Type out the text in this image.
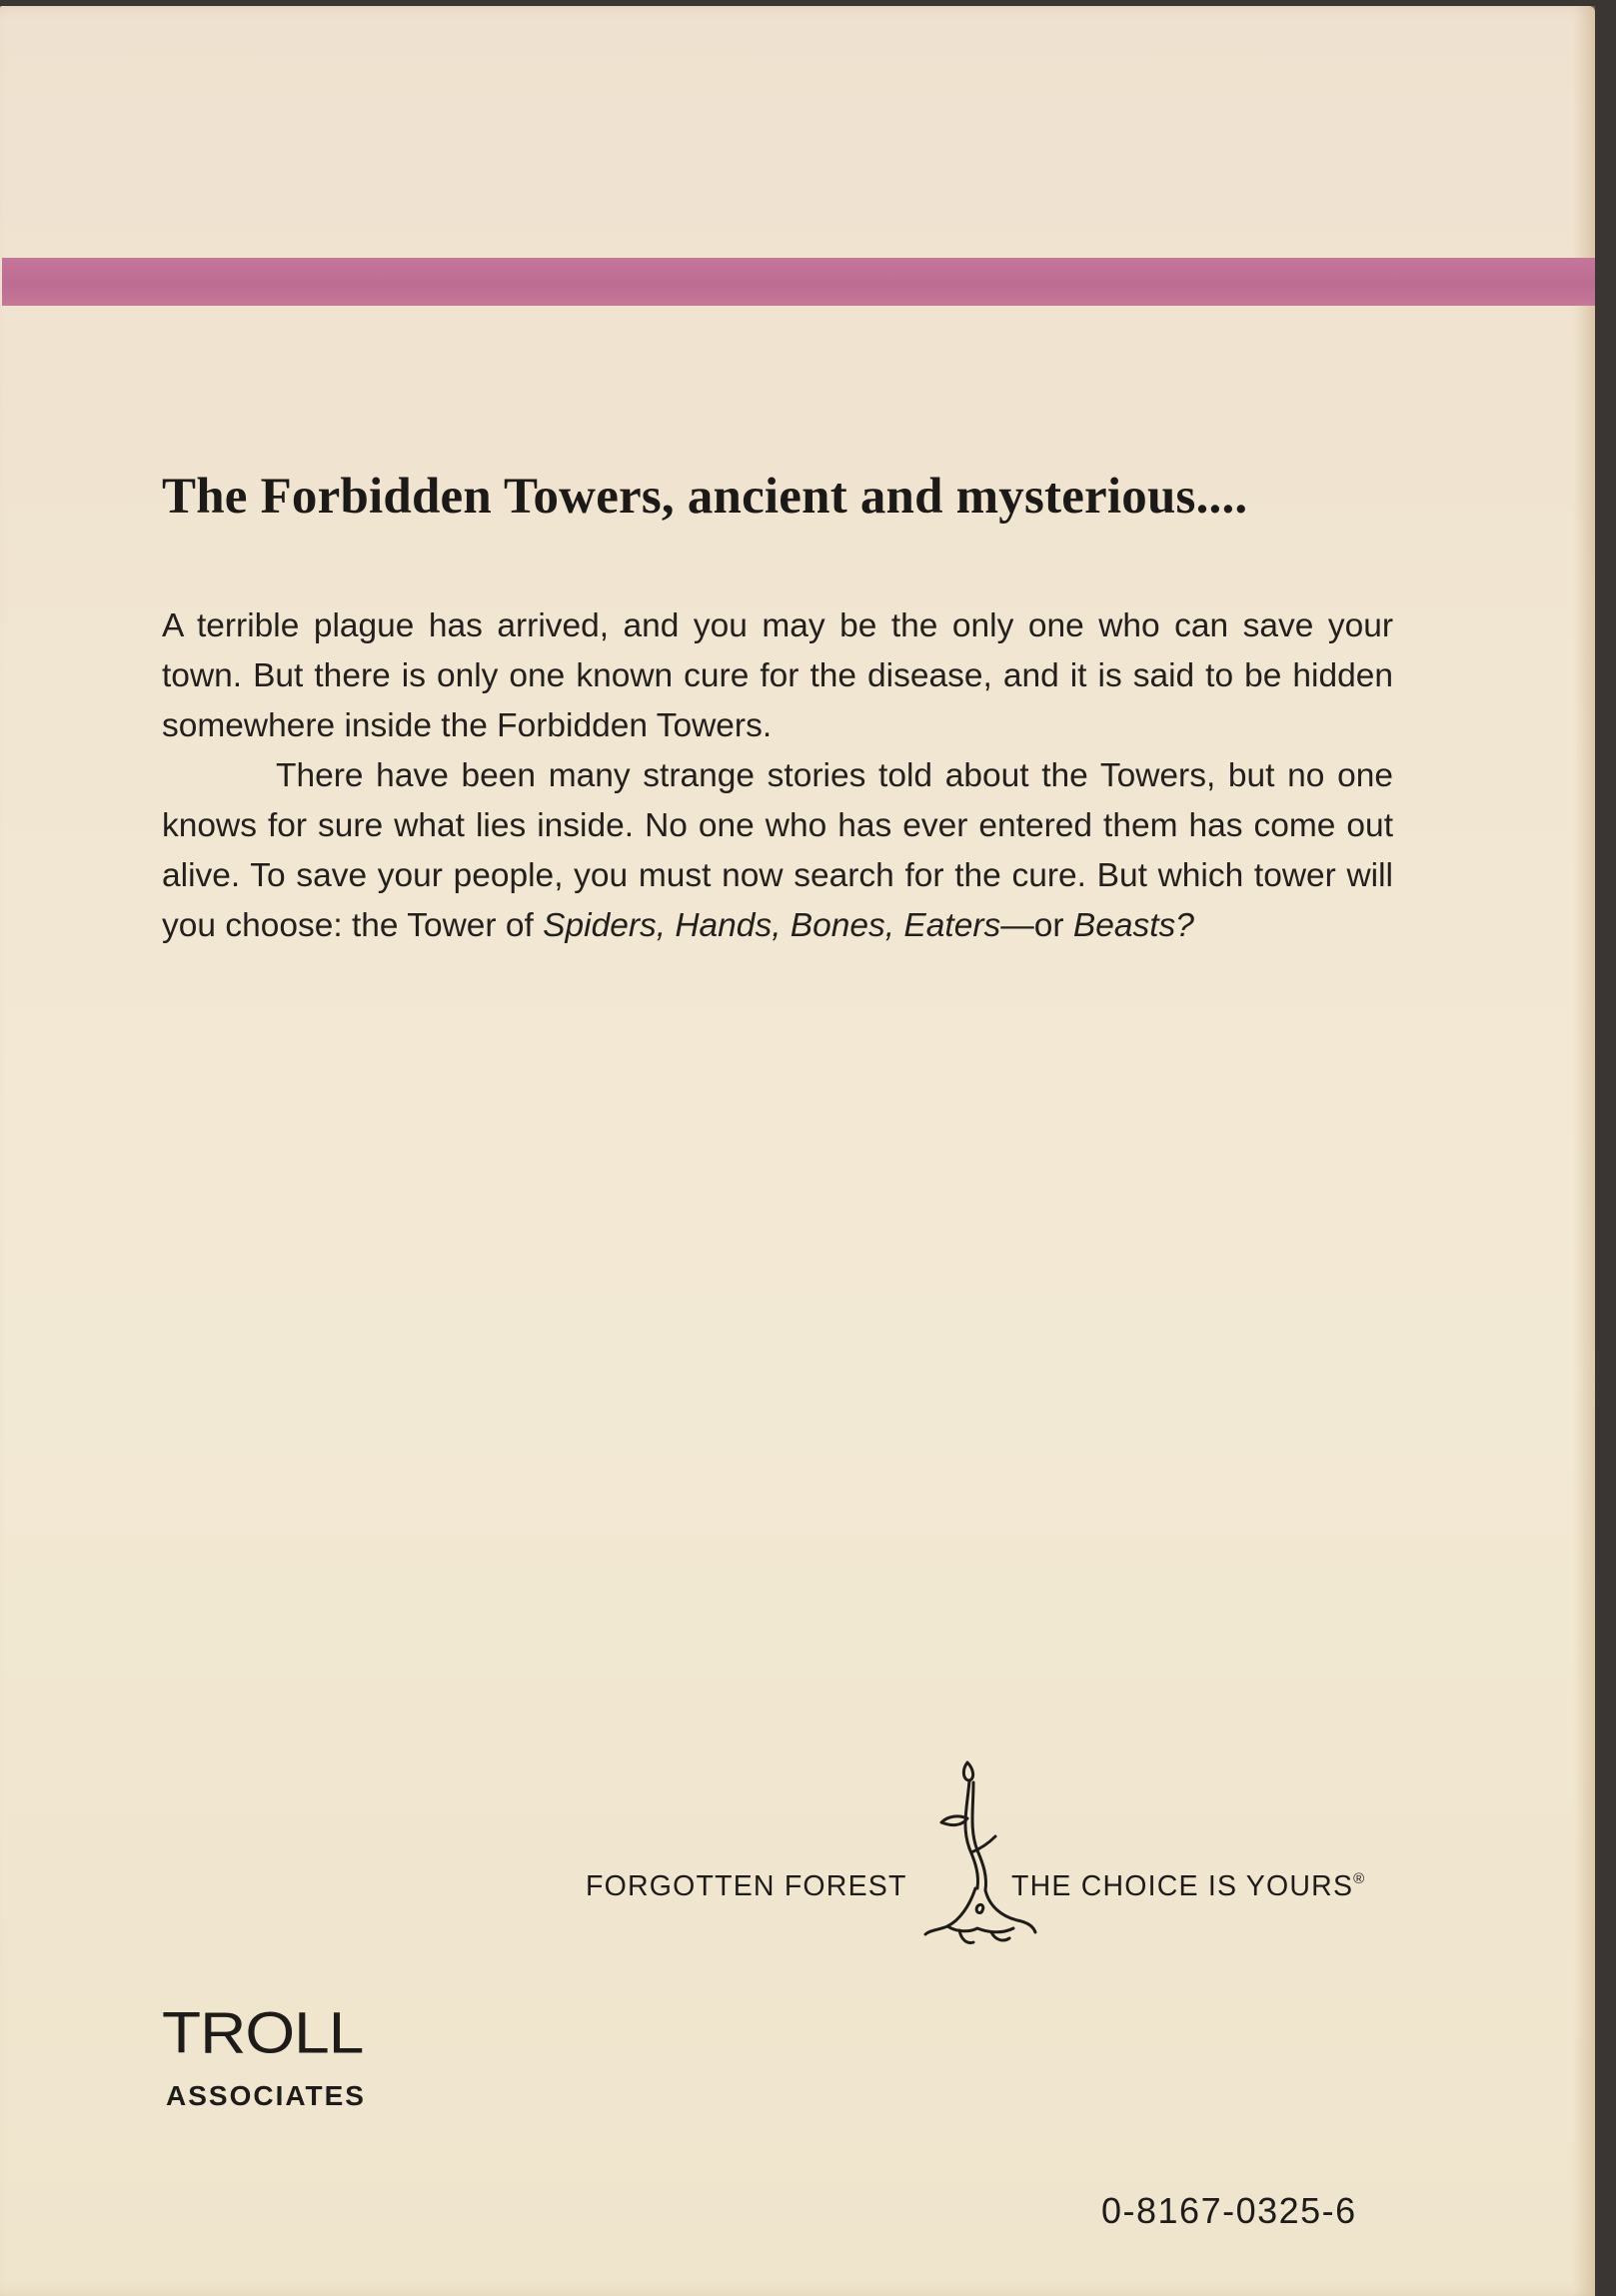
The Forbidden Towers, ancient and mysterious....

A terrible plague has arrived, and you may be the only one who can save your town. But there is only one known cure for the disease, and it is said to be hidden somewhere inside the Forbidden Towers.

There have been many strange stories told about the Towers, but no one knows for sure what lies inside. No one who has ever entered them has come out alive. To save your people, you must now search for the cure. But which tower will you choose: the Tower of Spiders, Hands, Bones, Eaters—or Beasts?

FORGOTTEN FOREST	THE CHOICE IS YOURS®
TROLL
ASSOCIATES
0-8167-0325-6
